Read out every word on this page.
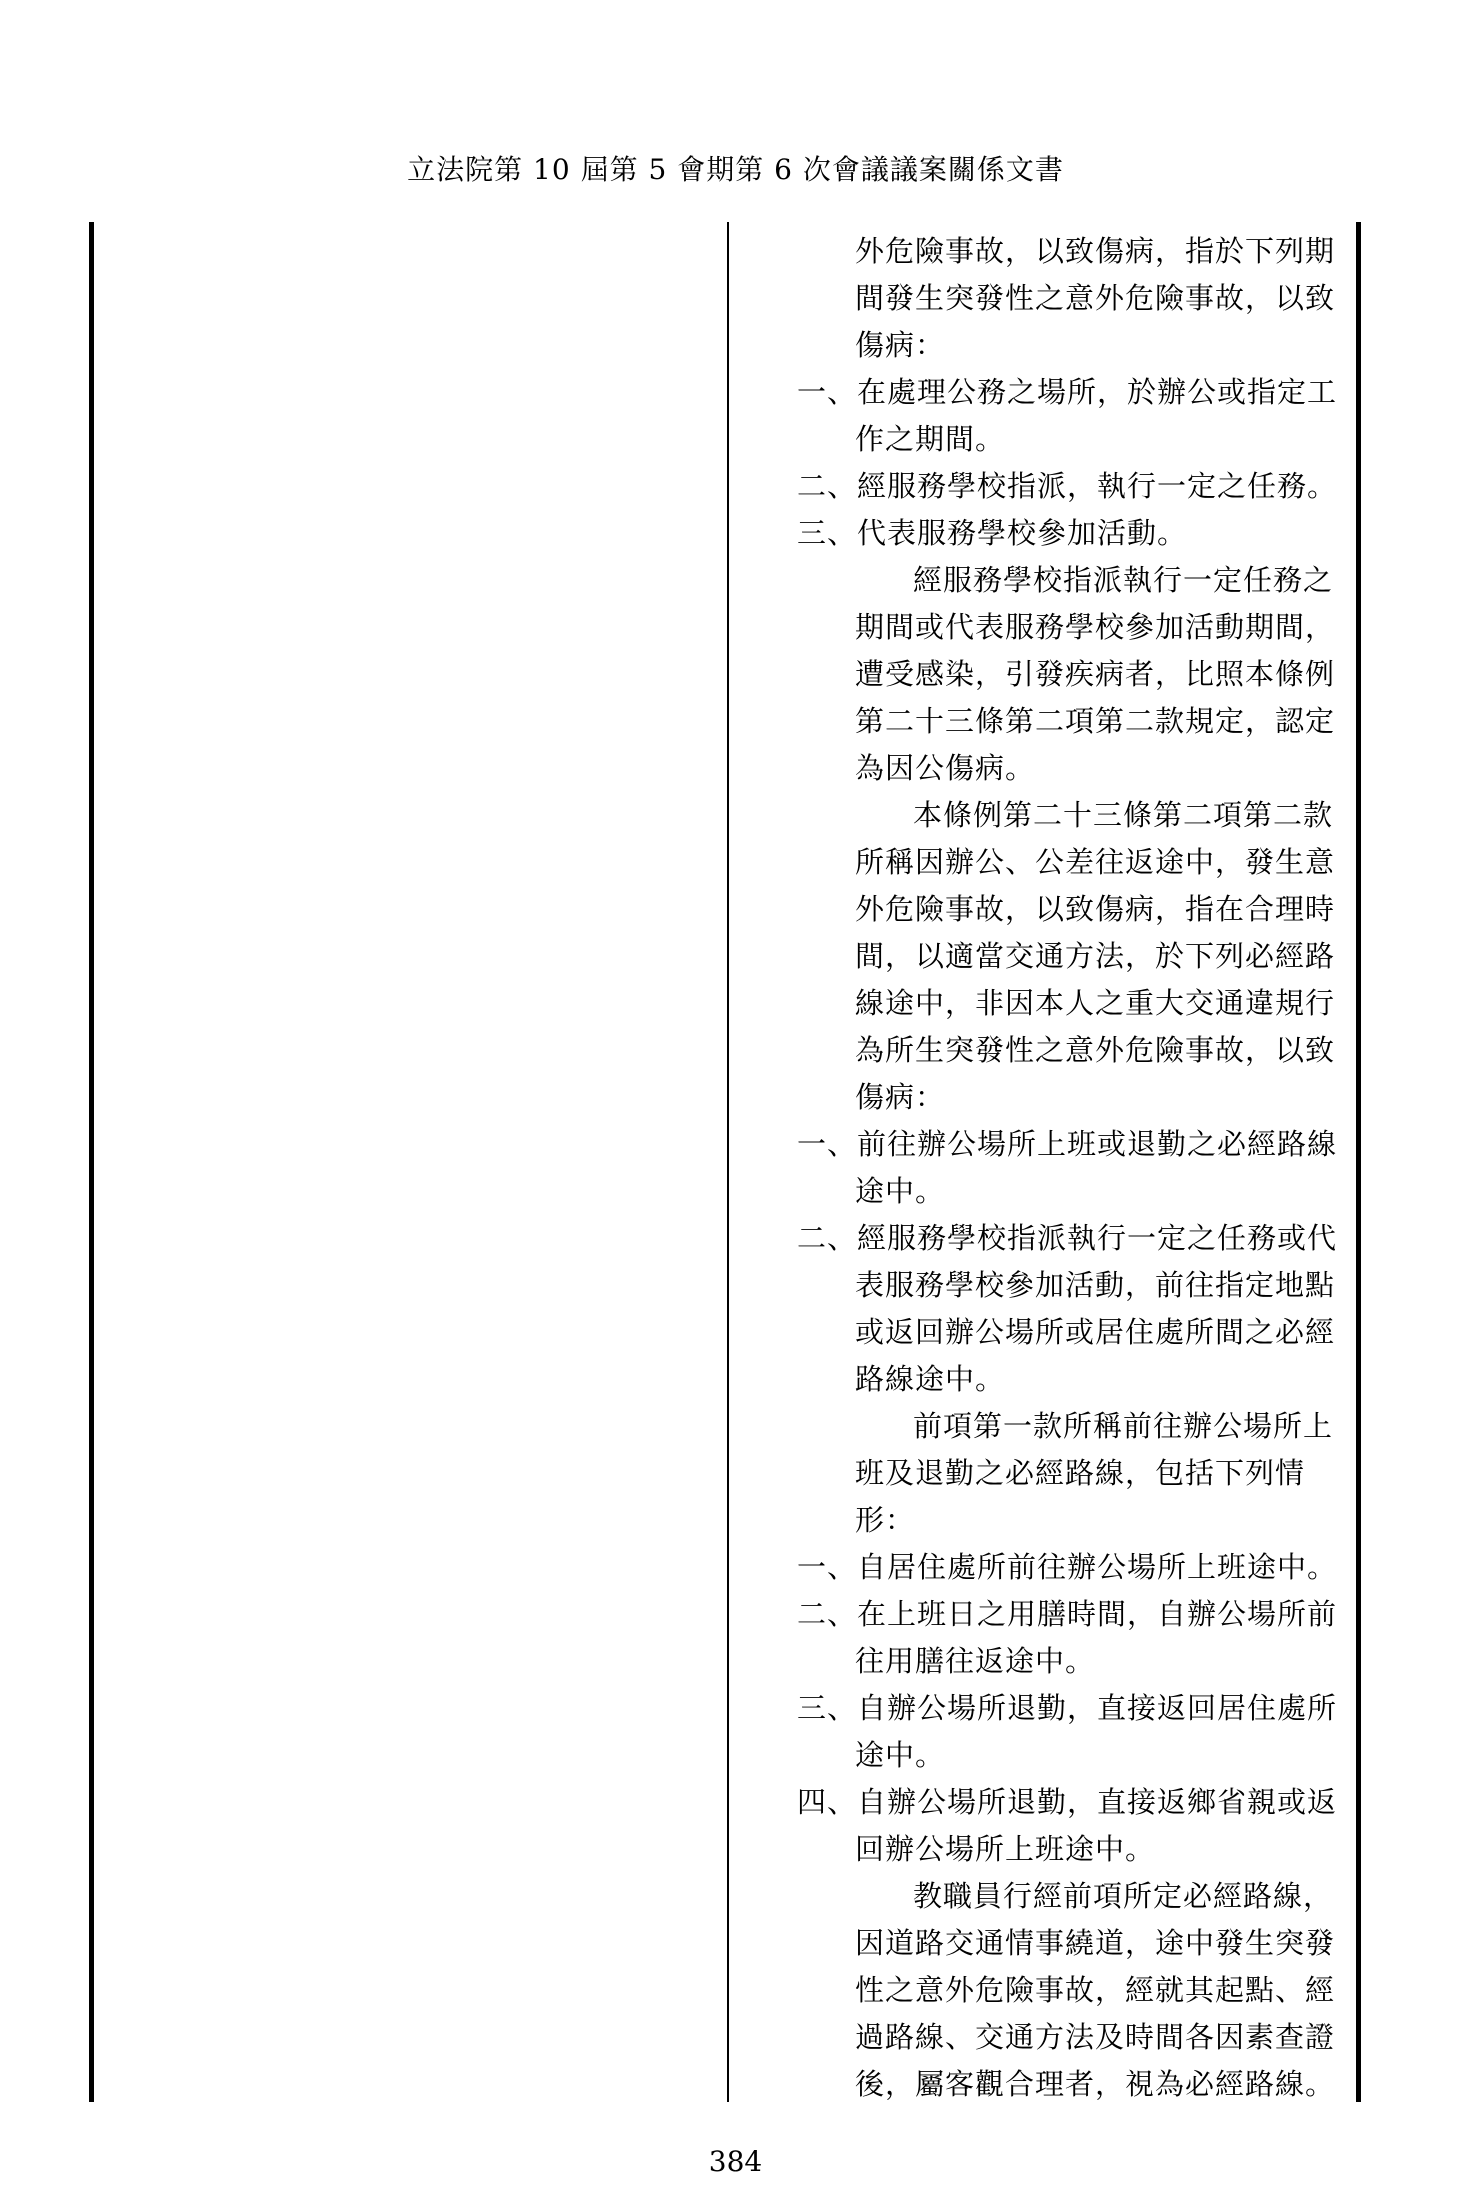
立法院第 10 屆第 5 會期第 6 次會議議案關係文書

外危險事故，以致傷病，指於下列期間發生突發性之意外危險事故，以致傷病：

一、在處理公務之場所，於辦公或指定工作之期間。

二、經服務學校指派，執行一定之任務。

三、代表服務學校參加活動。

經服務學校指派執行一定任務之期間或代表服務學校參加活動期間，遭受感染，引發疾病者，比照本條例第二十三條第二項第二款規定，認定為因公傷病。

本條例第二十三條第二項第二款所稱因辦公、公差往返途中，發生意外危險事故，以致傷病，指在合理時間，以適當交通方法，於下列必經路線途中，非因本人之重大交通違規行為所生突發性之意外危險事故，以致傷病：

一、前往辦公場所上班或退勤之必經路線途中。

二、經服務學校指派執行一定之任務或代表服務學校參加活動，前往指定地點或返回辦公場所或居住處所間之必經路線途中。

前項第一款所稱前往辦公場所上班及退勤之必經路線，包括下列情形：

一、自居住處所前往辦公場所上班途中。

二、在上班日之用膳時間，自辦公場所前往用膳往返途中。

三、自辦公場所退勤，直接返回居住處所途中。

四、自辦公場所退勤，直接返鄉省親或返回辦公場所上班途中。

教職員行經前項所定必經路線，因道路交通情事繞道，途中發生突發性之意外危險事故，經就其起點、經過路線、交通方法及時間各因素查證後，屬客觀合理者，視為必經路線。

384
